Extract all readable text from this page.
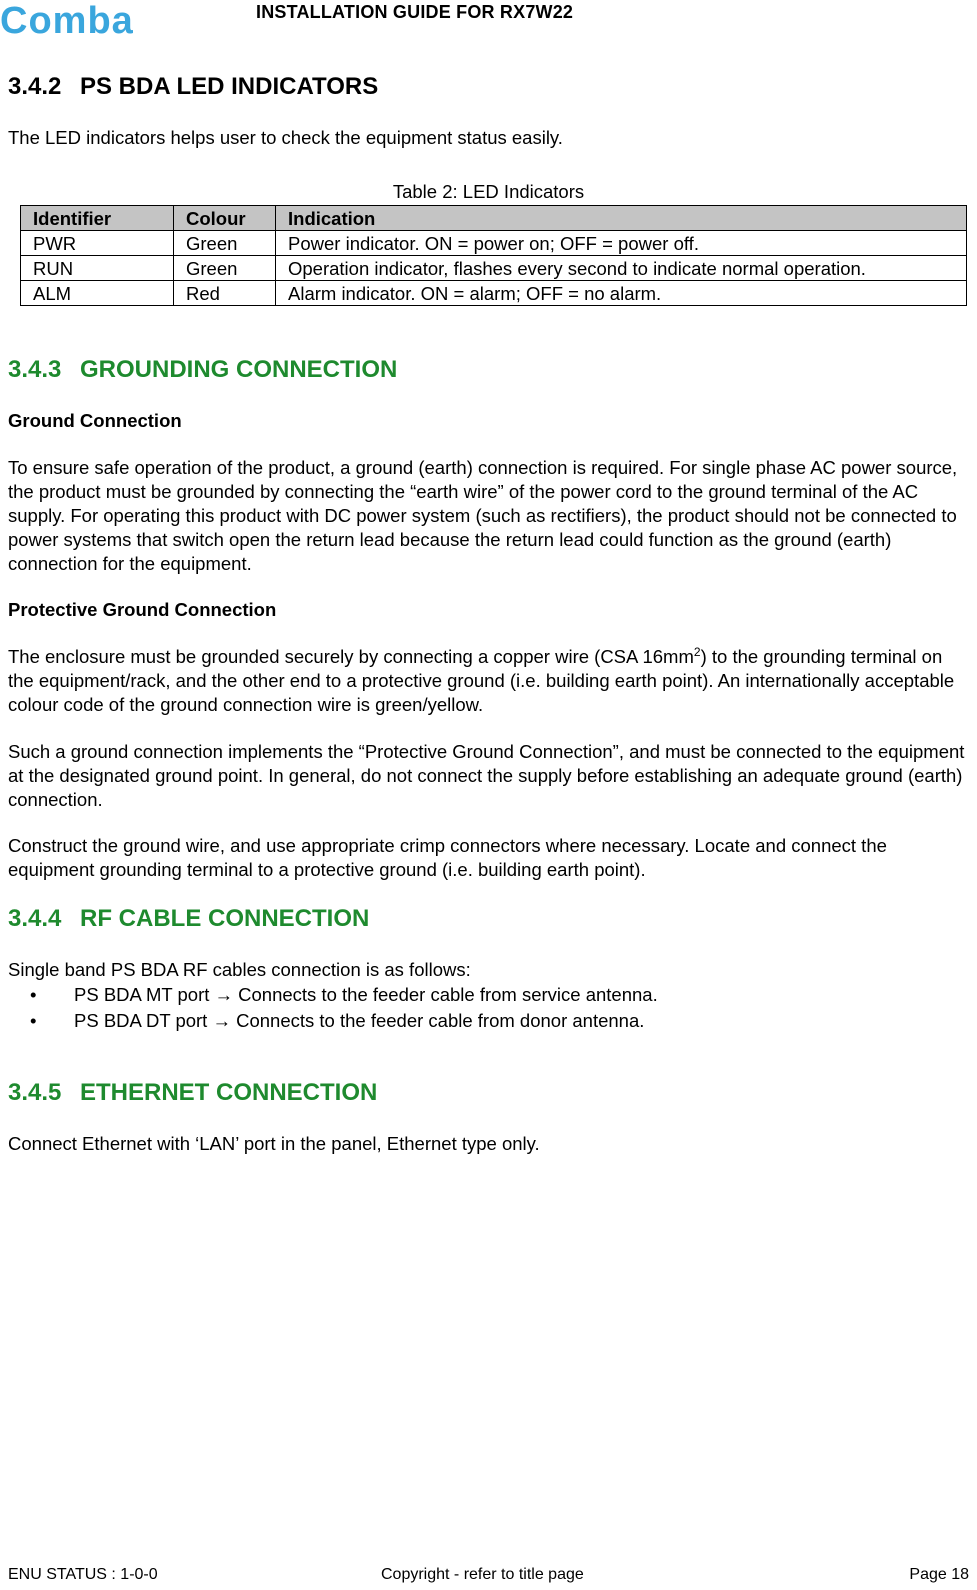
Comba	INSTALLATION GUIDE FOR RX7W22
3.4.2 PS BDA LED INDICATORS
The LED indicators helps user to check the equipment status easily.
Table 2: LED Indicators
Identifier	Colour	Indication
PWR	Green	Power indicator. ON = power on; OFF = power off.
RUN	Green	Operation indicator, flashes every second to indicate normal operation.
ALM	Red	Alarm indicator. ON = alarm; OFF = no alarm.
3.4.3 GROUNDING CONNECTION
Ground Connection
To ensure safe operation of the product, a ground (earth) connection is required. For single phase AC power source, the product must be grounded by connecting the “earth wire” of the power cord to the ground terminal of the AC supply. For operating this product with DC power system (such as rectifiers), the product should not be connected to power systems that switch open the return lead because the return lead could function as the ground (earth) connection for the equipment.
Protective Ground Connection
The enclosure must be grounded securely by connecting a copper wire (CSA $16mm^2$) to the grounding terminal on the equipment/rack, and the other end to a protective ground (i.e. building earth point). An internationally acceptable colour code of the ground connection wire is green/yellow.
Such a ground connection implements the “Protective Ground Connection”, and must be connected to the equipment at the designated ground point. In general, do not connect the supply before establishing an adequate ground (earth) connection.
Construct the ground wire, and use appropriate crimp connectors where necessary. Locate and connect the equipment grounding terminal to a protective ground (i.e. building earth point).
3.4.4 RF CABLE CONNECTION
Single band PS BDA RF cables connection is as follows:
• PS BDA MT port → Connects to the feeder cable from service antenna.
• PS BDA DT port → Connects to the feeder cable from donor antenna.
3.4.5 ETHERNET CONNECTION
Connect Ethernet with ‘LAN’ port in the panel, Ethernet type only.
ENU STATUS : 1-0-0	Copyright - refer to title page	Page 18
